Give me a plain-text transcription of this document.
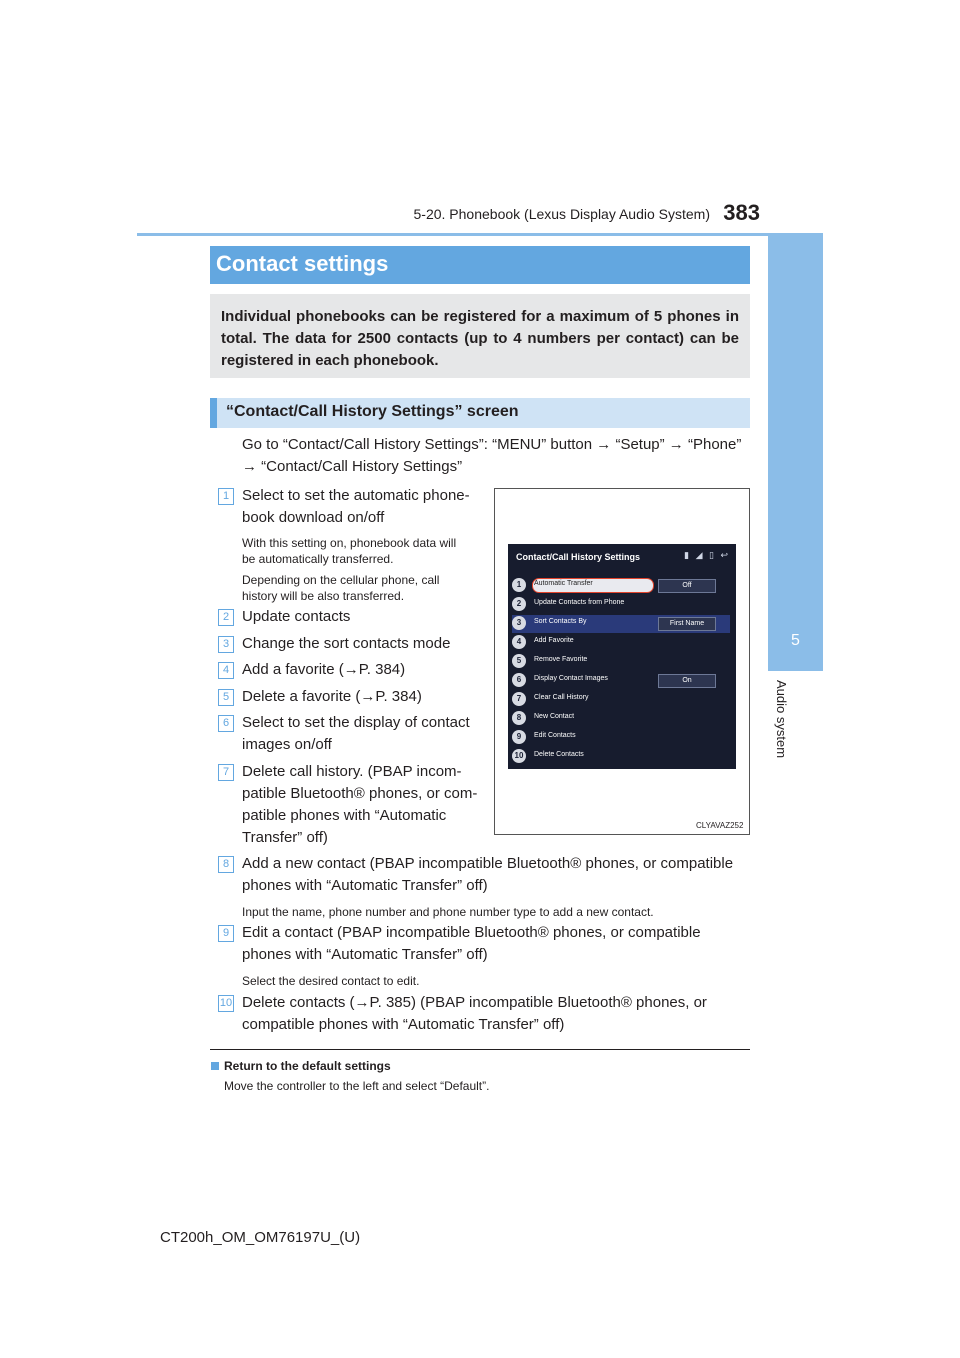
5-20. Phonebook (Lexus Display Audio System) 383
5
Audio system
Contact settings
Individual phonebooks can be registered for a maximum of 5 phones in total. The data for 2500 contacts (up to 4 numbers per contact) can be registered in each phonebook.
“Contact/Call History Settings” screen
Go to “Contact/Call History Settings”: “MENU” button → “Setup” → “Phone”
→ “Contact/Call History Settings”
1 Select to set the automatic phone-
book download on/off
With this setting on, phonebook data will
be automatically transferred.
Depending on the cellular phone, call
history will be also transferred.
2 Update contacts
3 Change the sort contacts mode
4 Add a favorite (→P. 384)
5 Delete a favorite (→P. 384)
6 Select to set the display of contact
images on/off
7 Delete call history. (PBAP incom-
patible Bluetooth® phones, or com-
patible phones with “Automatic
Transfer” off)
8 Add a new contact (PBAP incompatible Bluetooth® phones, or compatible
phones with “Automatic Transfer” off)
Input the name, phone number and phone number type to add a new contact.
9 Edit a contact (PBAP incompatible Bluetooth® phones, or compatible
phones with “Automatic Transfer” off)
Select the desired contact to edit.
10 Delete contacts (→P. 385) (PBAP incompatible Bluetooth® phones, or
compatible phones with “Automatic Transfer” off)
Contact/Call History Settings	▮ ◢ ▯ ↩
1	Automatic Transfer	Off
2	Update Contacts from Phone
3	Sort Contacts By	First Name
4	Add Favorite
5	Remove Favorite
6	Display Contact Images	On
7	Clear Call History
8	New Contact
9	Edit Contacts
10	Delete Contacts
CLYAVAZ252
Return to the default settings
Move the controller to the left and select “Default”.
CT200h_OM_OM76197U_(U)
